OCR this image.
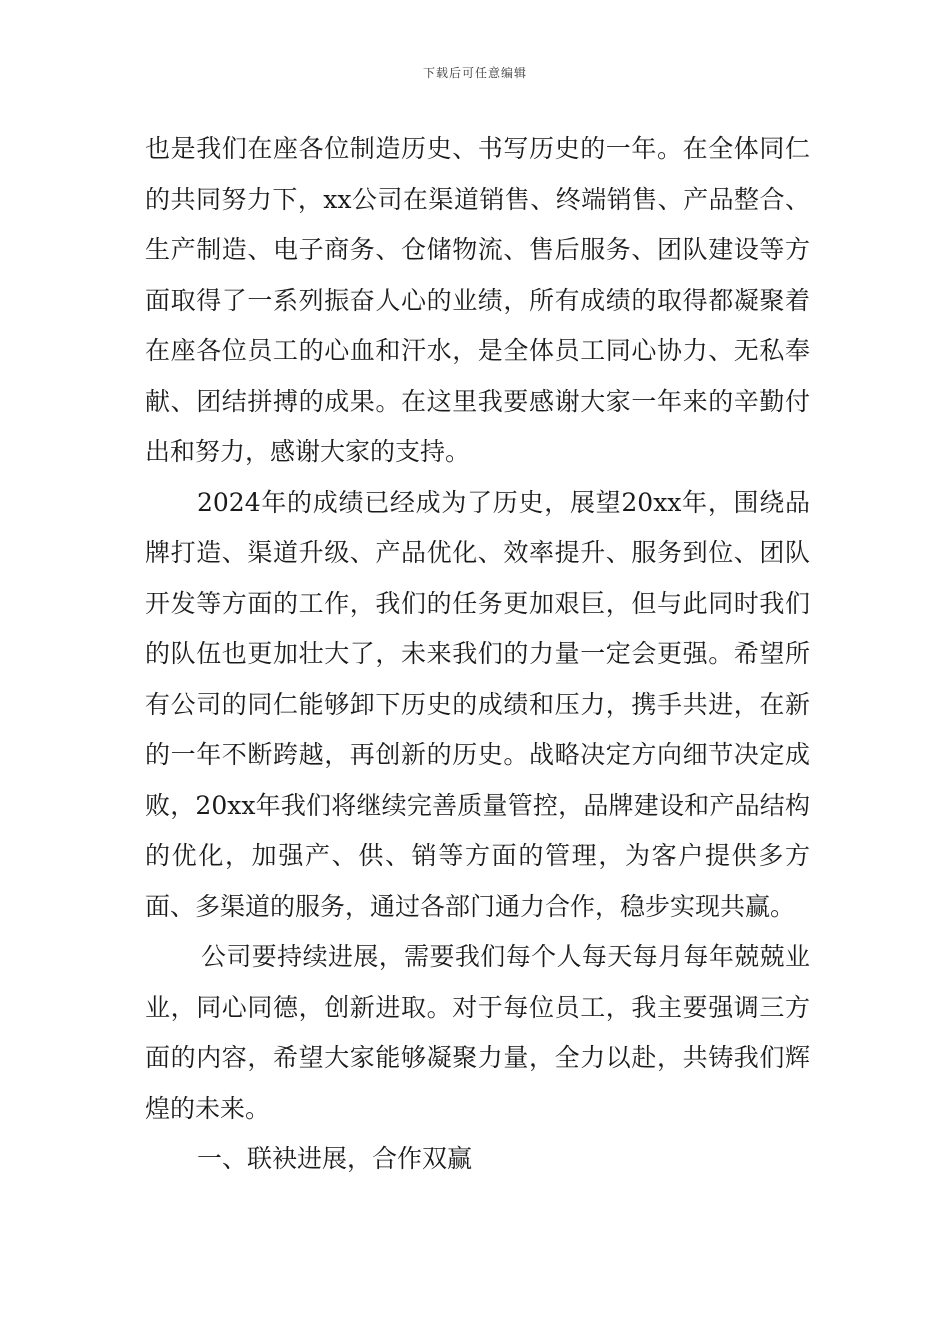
下载后可任意编辑

也是我们在座各位制造历史、书写历史的一年。在全体同仁的共同努力下，xx公司在渠道销售、终端销售、产品整合、生产制造、电子商务、仓储物流、售后服务、团队建设等方面取得了一系列振奋人心的业绩，所有成绩的取得都凝聚着在座各位员工的心血和汗水，是全体员工同心协力、无私奉献、团结拼搏的成果。在这里我要感谢大家一年来的辛勤付出和努力，感谢大家的支持。

2024年的成绩已经成为了历史，展望20xx年，围绕品牌打造、渠道升级、产品优化、效率提升、服务到位、团队开发等方面的工作，我们的任务更加艰巨，但与此同时我们的队伍也更加壮大了，未来我们的力量一定会更强。希望所有公司的同仁能够卸下历史的成绩和压力，携手共进，在新的一年不断跨越，再创新的历史。战略决定方向细节决定成败，20xx年我们将继续完善质量管控，品牌建设和产品结构的优化，加强产、供、销等方面的管理，为客户提供多方面、多渠道的服务，通过各部门通力合作，稳步实现共赢。

公司要持续进展，需要我们每个人每天每月每年兢兢业业，同心同德，创新进取。对于每位员工，我主要强调三方面的内容，希望大家能够凝聚力量，全力以赴，共铸我们辉煌的未来。

一、联袂进展，合作双赢
